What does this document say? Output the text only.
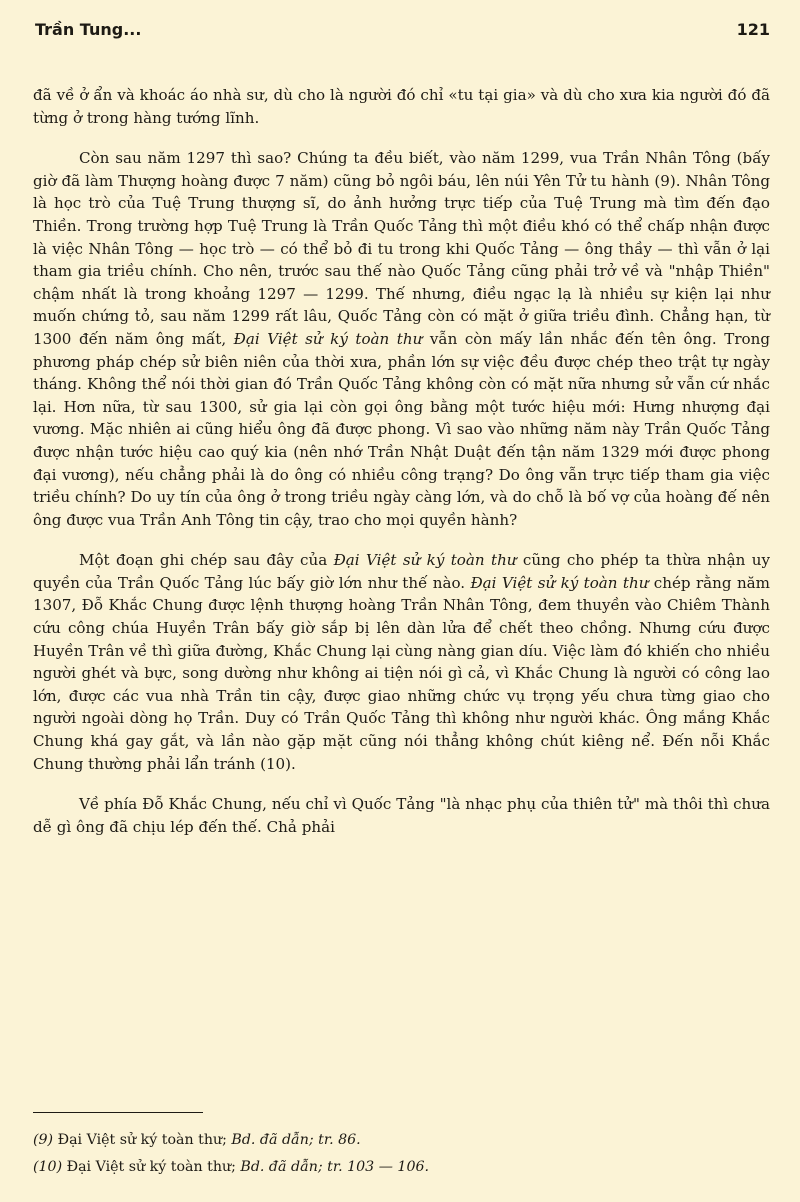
Trần Tung...	121

đã về ở ẩn và khoác áo nhà sư, dù cho là người đó chỉ «tu tại gia» và dù cho xưa kia người đó đã từng ở trong hàng tướng lĩnh.

Còn sau năm 1297 thì sao? Chúng ta đều biết, vào năm 1299, vua Trần Nhân Tông (bấy giờ đã làm Thượng hoàng được 7 năm) cũng bỏ ngôi báu, lên núi Yên Tử tu hành (9). Nhân Tông là học trò của Tuệ Trung thượng sĩ, do ảnh hưởng trực tiếp của Tuệ Trung mà tìm đến đạo Thiền. Trong trường hợp Tuệ Trung là Trần Quốc Tảng thì một điều khó có thể chấp nhận được là việc Nhân Tông — học trò — có thể bỏ đi tu trong khi Quốc Tảng — ông thầy — thì vẫn ở lại tham gia triều chính. Cho nên, trước sau thế nào Quốc Tảng cũng phải trở về và "nhập Thiền" chậm nhất là trong khoảng 1297 — 1299. Thế nhưng, điều ngạc lạ là nhiều sự kiện lại như muốn chứng tỏ, sau năm 1299 rất lâu, Quốc Tảng còn có mặt ở giữa triều đình. Chẳng hạn, từ 1300 đến năm ông mất, Đại Việt sử ký toàn thư vẫn còn mấy lần nhắc đến tên ông. Trong phương pháp chép sử biên niên của thời xưa, phần lớn sự việc đều được chép theo trật tự ngày tháng. Không thể nói thời gian đó Trần Quốc Tảng không còn có mặt nữa nhưng sử vẫn cứ nhắc lại. Hơn nữa, từ sau 1300, sử gia lại còn gọi ông bằng một tước hiệu mới: Hưng nhượng đại vương. Mặc nhiên ai cũng hiểu ông đã được phong. Vì sao vào những năm này Trần Quốc Tảng được nhận tước hiệu cao quý kia (nên nhớ Trần Nhật Duật đến tận năm 1329 mới được phong đại vương), nếu chẳng phải là do ông có nhiều công trạng? Do ông vẫn trực tiếp tham gia việc triều chính? Do uy tín của ông ở trong triều ngày càng lớn, và do chỗ là bố vợ của hoàng đế nên ông được vua Trần Anh Tông tin cậy, trao cho mọi quyền hành?

Một đoạn ghi chép sau đây của Đại Việt sử ký toàn thư cũng cho phép ta thừa nhận uy quyền của Trần Quốc Tảng lúc bấy giờ lớn như thế nào. Đại Việt sử ký toàn thư chép rằng năm 1307, Đỗ Khắc Chung được lệnh thượng hoàng Trần Nhân Tông, đem thuyền vào Chiêm Thành cứu công chúa Huyền Trân bấy giờ sắp bị lên dàn lửa để chết theo chồng. Nhưng cứu được Huyền Trân về thì giữa đường, Khắc Chung lại cùng nàng gian díu. Việc làm đó khiến cho nhiều người ghét và bực, song dường như không ai tiện nói gì cả, vì Khắc Chung là người có công lao lớn, được các vua nhà Trần tin cậy, được giao những chức vụ trọng yếu chưa từng giao cho người ngoài dòng họ Trần. Duy có Trần Quốc Tảng thì không như người khác. Ông mắng Khắc Chung khá gay gắt, và lần nào gặp mặt cũng nói thẳng không chút kiêng nể. Đến nỗi Khắc Chung thường phải lẩn tránh (10).

Về phía Đỗ Khắc Chung, nếu chỉ vì Quốc Tảng "là nhạc phụ của thiên tử" mà thôi thì chưa dễ gì ông đã chịu lép đến thế. Chả phải

(9) Đại Việt sử ký toàn thư; Bd. đã dẫn; tr. 86.
(10) Đại Việt sử ký toàn thư; Bd. đã dẫn; tr. 103 — 106.
